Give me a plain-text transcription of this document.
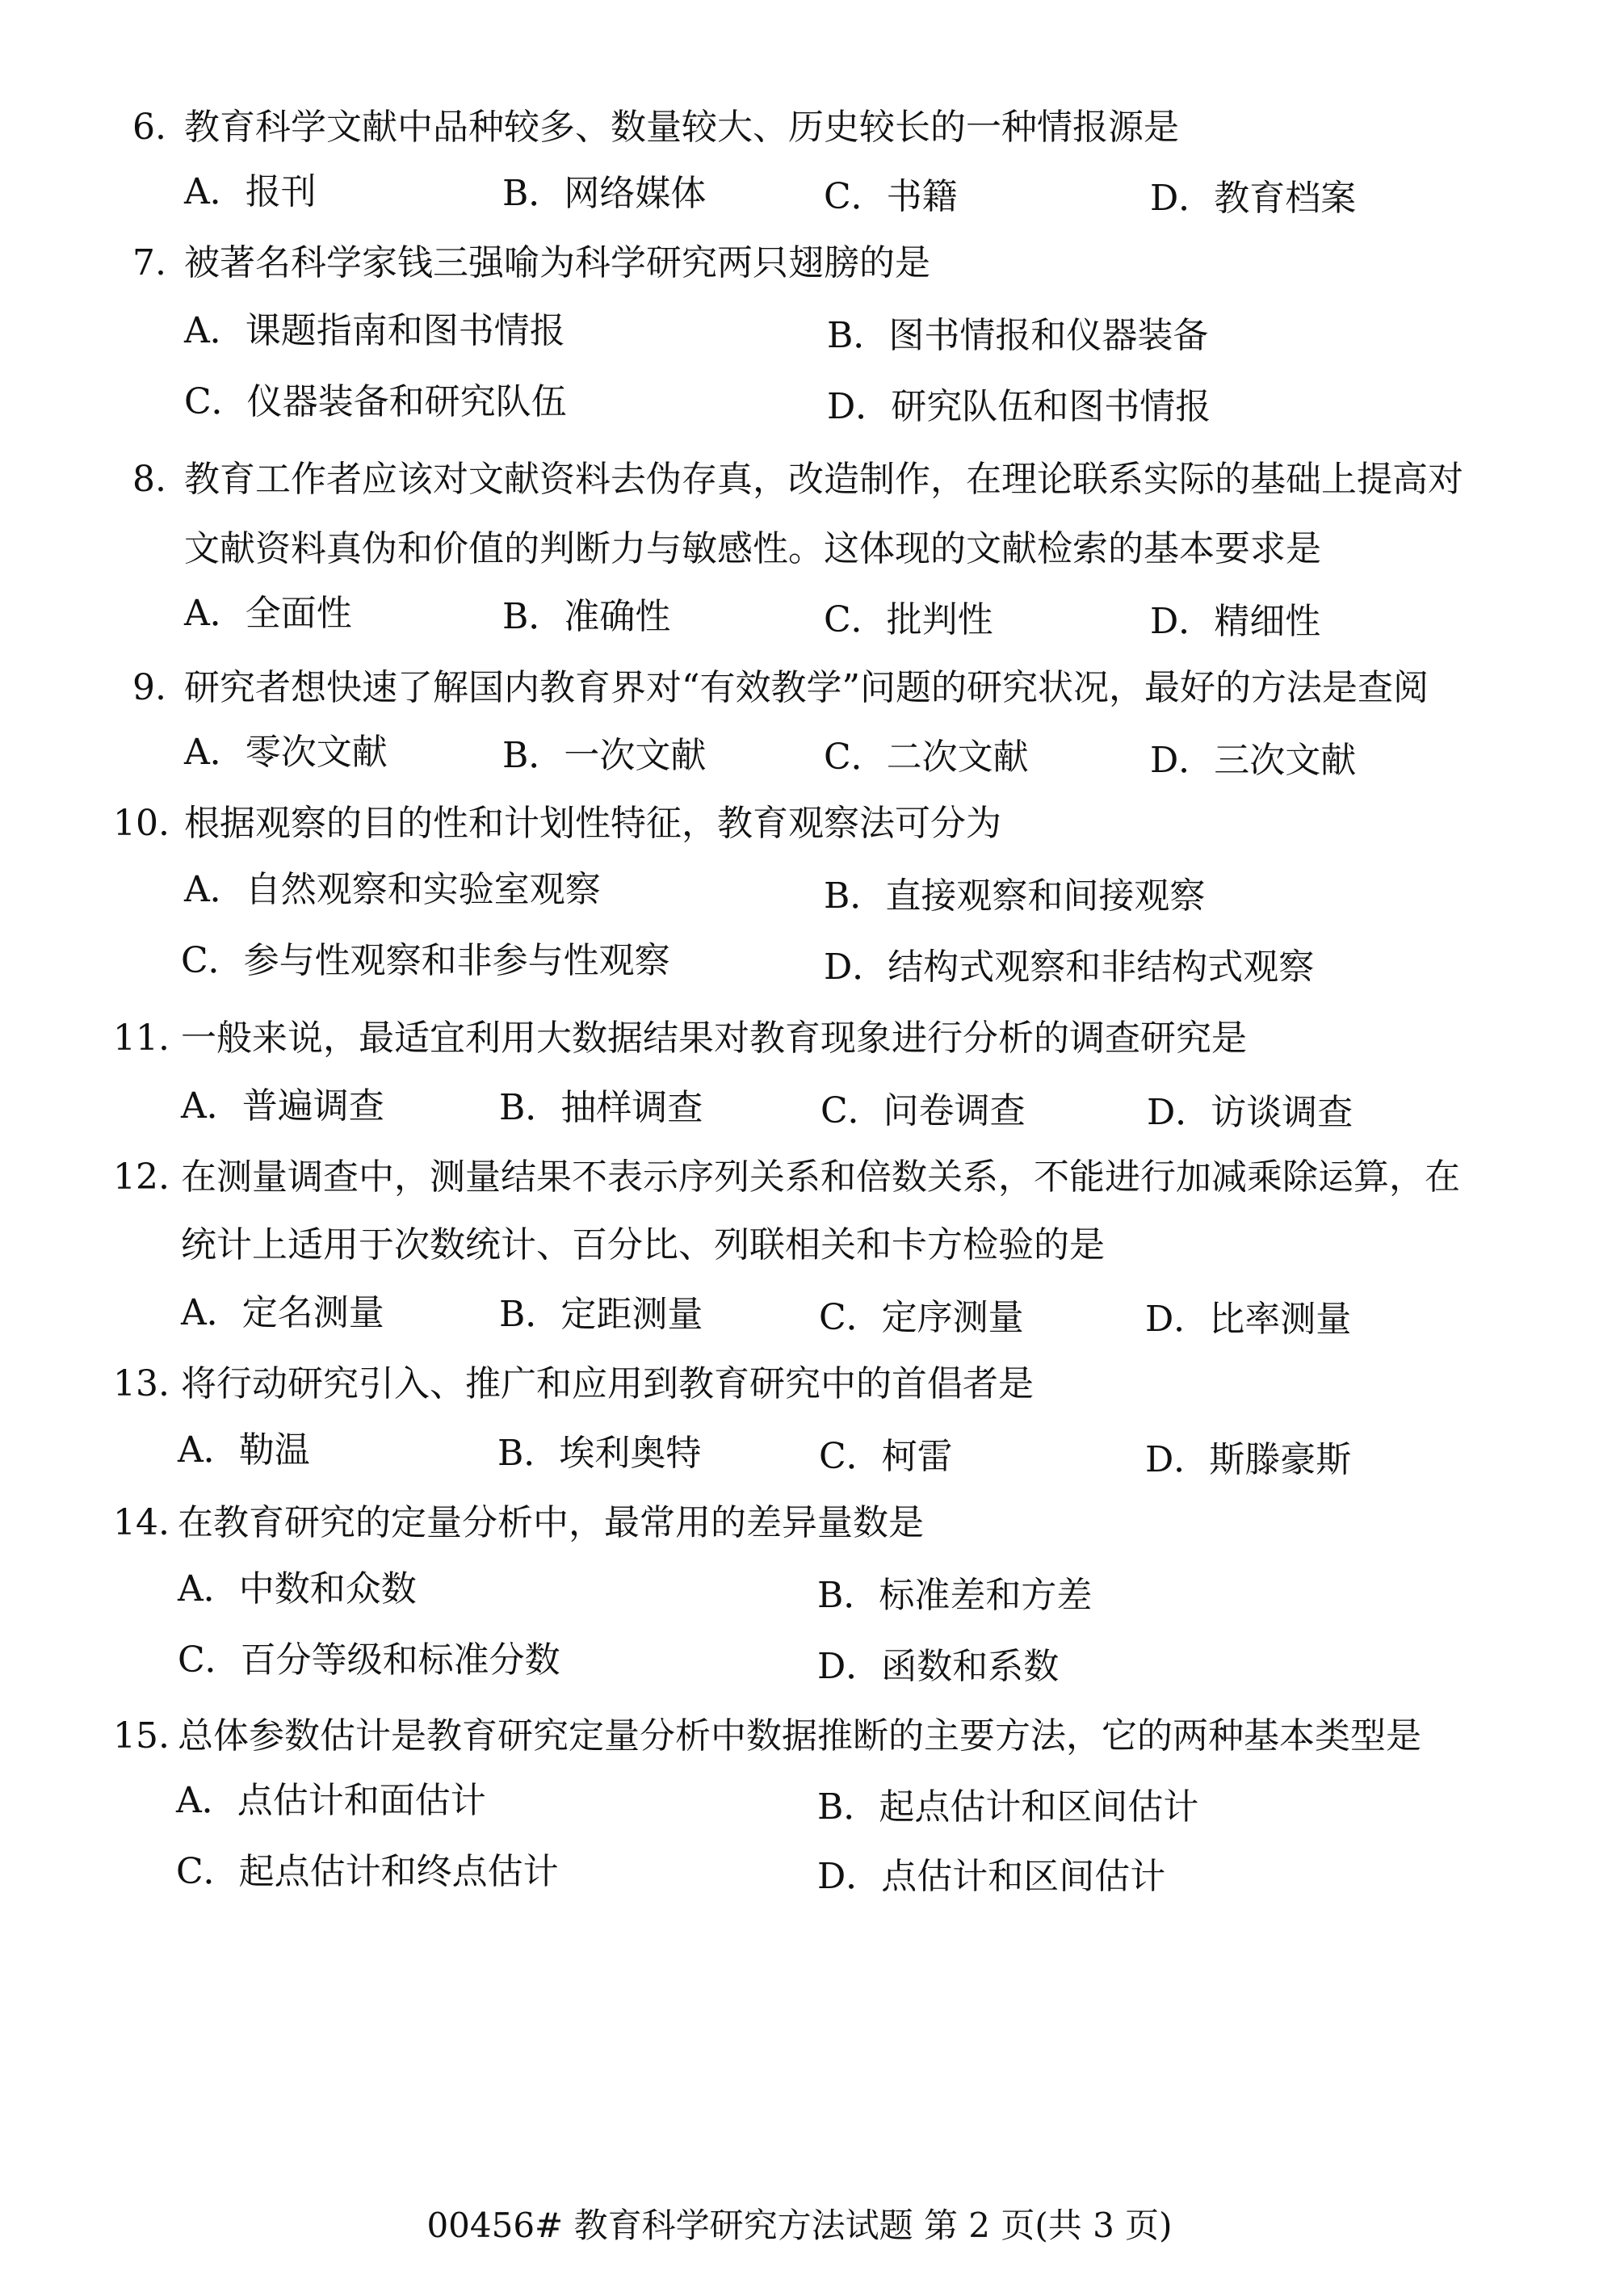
6. 教育科学文献中品种较多、数量较大、历史较长的一种情报源是
A．报刊	B．网络媒体	C．书籍	D．教育档案
7. 被著名科学家钱三强喻为科学研究两只翅膀的是
A．课题指南和图书情报	B．图书情报和仪器装备
C．仪器装备和研究队伍	D．研究队伍和图书情报
8. 教育工作者应该对文献资料去伪存真，改造制作，在理论联系实际的基础上提高对
文献资料真伪和价值的判断力与敏感性。这体现的文献检索的基本要求是
A．全面性	B．准确性	C．批判性	D．精细性
9. 研究者想快速了解国内教育界对“有效教学”问题的研究状况，最好的方法是查阅
A．零次文献	B．一次文献	C．二次文献	D．三次文献
10. 根据观察的目的性和计划性特征，教育观察法可分为
A．自然观察和实验室观察	B．直接观察和间接观察
C．参与性观察和非参与性观察	D．结构式观察和非结构式观察
11. 一般来说，最适宜利用大数据结果对教育现象进行分析的调查研究是
A．普遍调查	B．抽样调查	C．问卷调查	D．访谈调查
12. 在测量调查中，测量结果不表示序列关系和倍数关系，不能进行加减乘除运算，在
统计上适用于次数统计、百分比、列联相关和卡方检验的是
A．定名测量	B．定距测量	C．定序测量	D．比率测量
13. 将行动研究引入、推广和应用到教育研究中的首倡者是
A．勒温	B．埃利奥特	C．柯雷	D．斯滕豪斯
14. 在教育研究的定量分析中，最常用的差异量数是
A．中数和众数	B．标准差和方差
C．百分等级和标准分数	D．函数和系数
15. 总体参数估计是教育研究定量分析中数据推断的主要方法，它的两种基本类型是
A．点估计和面估计	B．起点估计和区间估计
C．起点估计和终点估计	D．点估计和区间估计
00456# 教育科学研究方法试题 第 2 页(共 3 页)
